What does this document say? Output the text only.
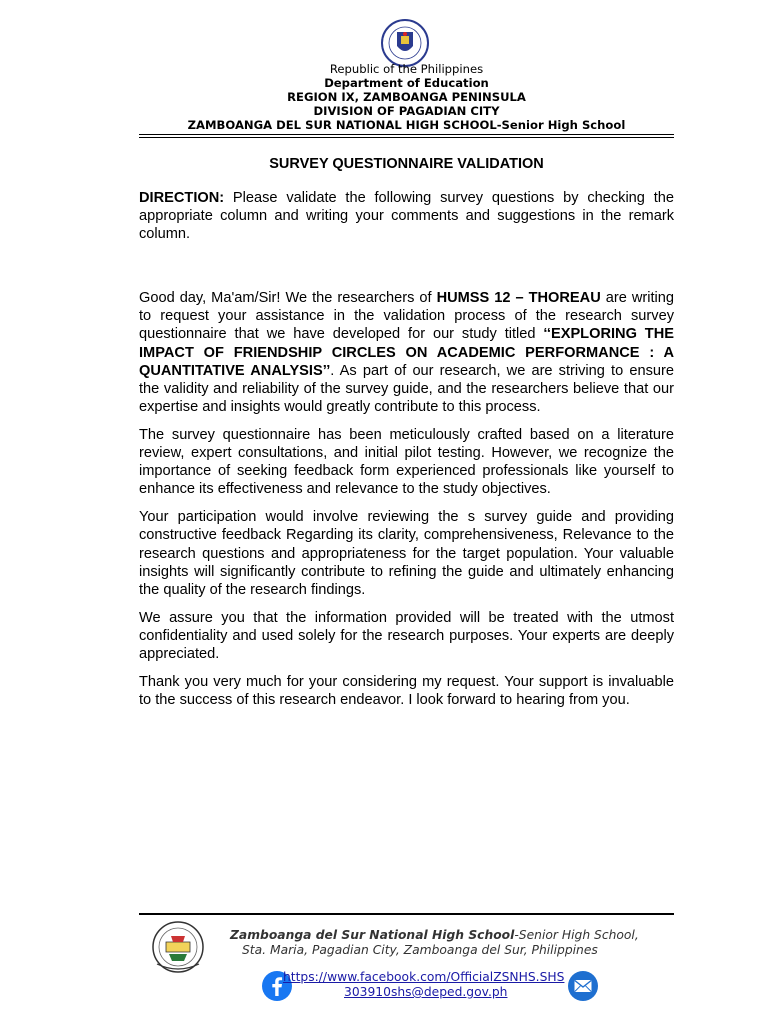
Republic of the Philippines
Department of Education
REGION IX, ZAMBOANGA PENINSULA
DIVISION OF PAGADIAN CITY
ZAMBOANGA DEL SUR NATIONAL HIGH SCHOOL-Senior High School
SURVEY QUESTIONNAIRE VALIDATION

DIRECTION: Please validate the following survey questions by checking the appropriate column and writing your comments and suggestions in the remark column.

Good day, Ma'am/Sir! We the researchers of HUMSS 12 – THOREAU are writing to request your assistance in the validation process of the research survey questionnaire that we have developed for our study titled ‘‘EXPLORING THE IMPACT OF FRIENDSHIP CIRCLES ON ACADEMIC PERFORMANCE : A QUANTITATIVE ANALYSIS’’. As part of our research, we are striving to ensure the validity and reliability of the survey guide, and the researchers believe that our expertise and insights would greatly contribute to this process.

The survey questionnaire has been meticulously crafted based on a literature review, expert consultations, and initial pilot testing. However, we recognize the importance of seeking feedback form experienced professionals like yourself to enhance its effectiveness and relevance to the study objectives.

Your participation would involve reviewing the s survey guide and providing constructive feedback Regarding its clarity, comprehensiveness, Relevance to the research questions and appropriateness for the target population. Your valuable insights will significantly contribute to refining the guide and ultimately enhancing the quality of the research findings.

We assure you that the information provided will be treated with the utmost confidentiality and used solely for the research purposes. Your experts are deeply appreciated.

Thank you very much for your considering my request. Your support is invaluable to the success of this research endeavor. I look forward to hearing from you.

Zamboanga del Sur National High School-Senior High School,
Sta. Maria, Pagadian City, Zamboanga del Sur, Philippines
https://www.facebook.com/OfficialZSNHS.SHS
303910shs@deped.gov.ph
